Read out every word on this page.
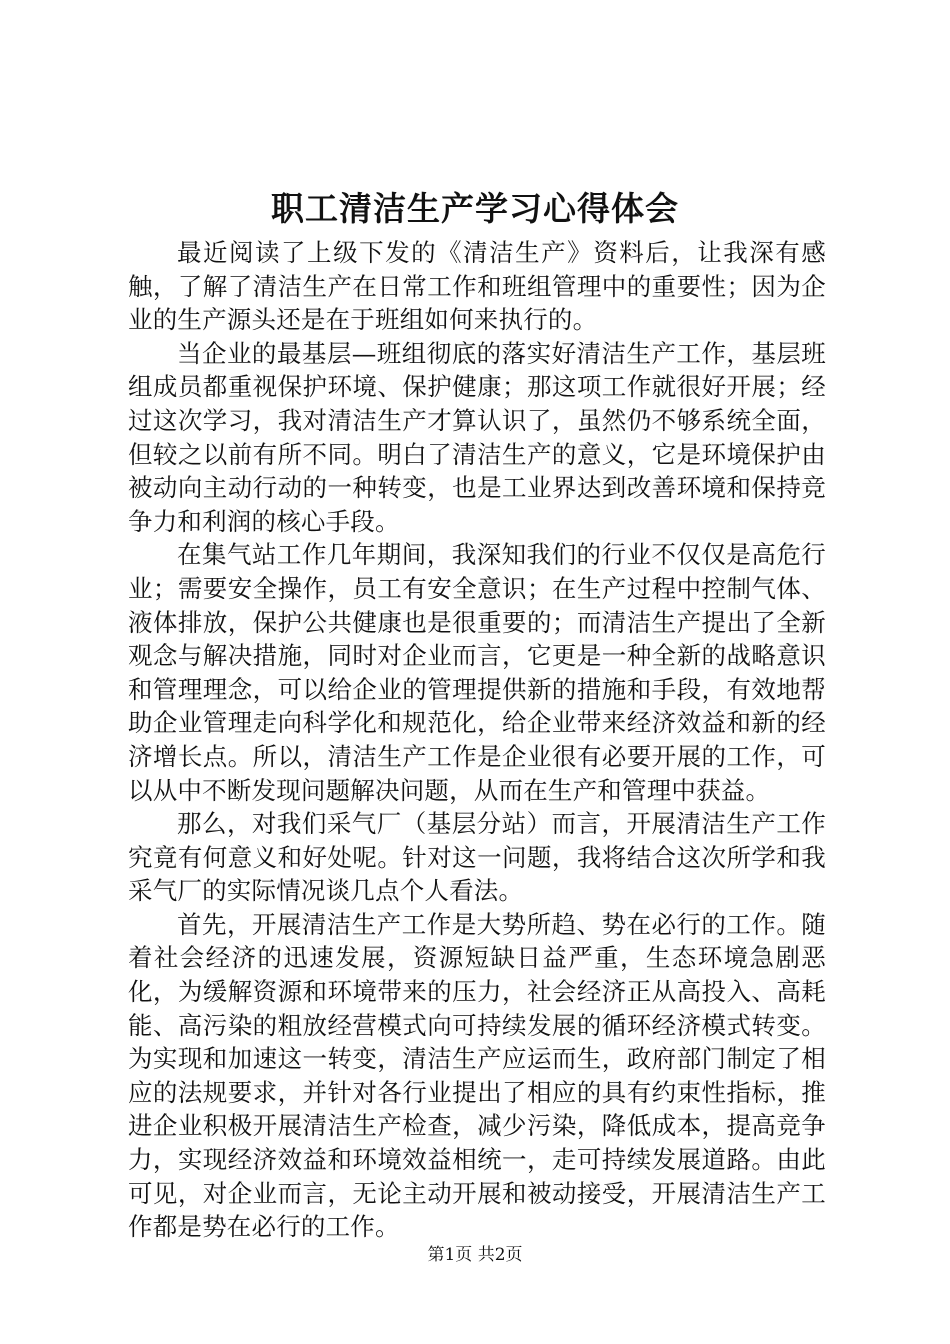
职工清洁生产学习心得体会

最近阅读了上级下发的《清洁生产》资料后，让我深有感触，了解了清洁生产在日常工作和班组管理中的重要性；因为企业的生产源头还是在于班组如何来执行的。

当企业的最基层—班组彻底的落实好清洁生产工作，基层班组成员都重视保护环境、保护健康；那这项工作就很好开展；经过这次学习，我对清洁生产才算认识了，虽然仍不够系统全面，但较之以前有所不同。明白了清洁生产的意义，它是环境保护由被动向主动行动的一种转变，也是工业界达到改善环境和保持竞争力和利润的核心手段。

在集气站工作几年期间，我深知我们的行业不仅仅是高危行业；需要安全操作，员工有安全意识；在生产过程中控制气体、液体排放，保护公共健康也是很重要的；而清洁生产提出了全新观念与解决措施，同时对企业而言，它更是一种全新的战略意识和管理理念，可以给企业的管理提供新的措施和手段，有效地帮助企业管理走向科学化和规范化，给企业带来经济效益和新的经济增长点。所以，清洁生产工作是企业很有必要开展的工作，可以从中不断发现问题解决问题，从而在生产和管理中获益。

那么，对我们采气厂（基层分站）而言，开展清洁生产工作究竟有何意义和好处呢。针对这一问题，我将结合这次所学和我采气厂的实际情况谈几点个人看法。

首先，开展清洁生产工作是大势所趋、势在必行的工作。随着社会经济的迅速发展，资源短缺日益严重，生态环境急剧恶化，为缓解资源和环境带来的压力，社会经济正从高投入、高耗能、高污染的粗放经营模式向可持续发展的循环经济模式转变。为实现和加速这一转变，清洁生产应运而生，政府部门制定了相应的法规要求，并针对各行业提出了相应的具有约束性指标，推进企业积极开展清洁生产检查，减少污染，降低成本，提高竞争力，实现经济效益和环境效益相统一，走可持续发展道路。由此可见，对企业而言，无论主动开展和被动接受，开展清洁生产工作都是势在必行的工作。

第1页 共2页
